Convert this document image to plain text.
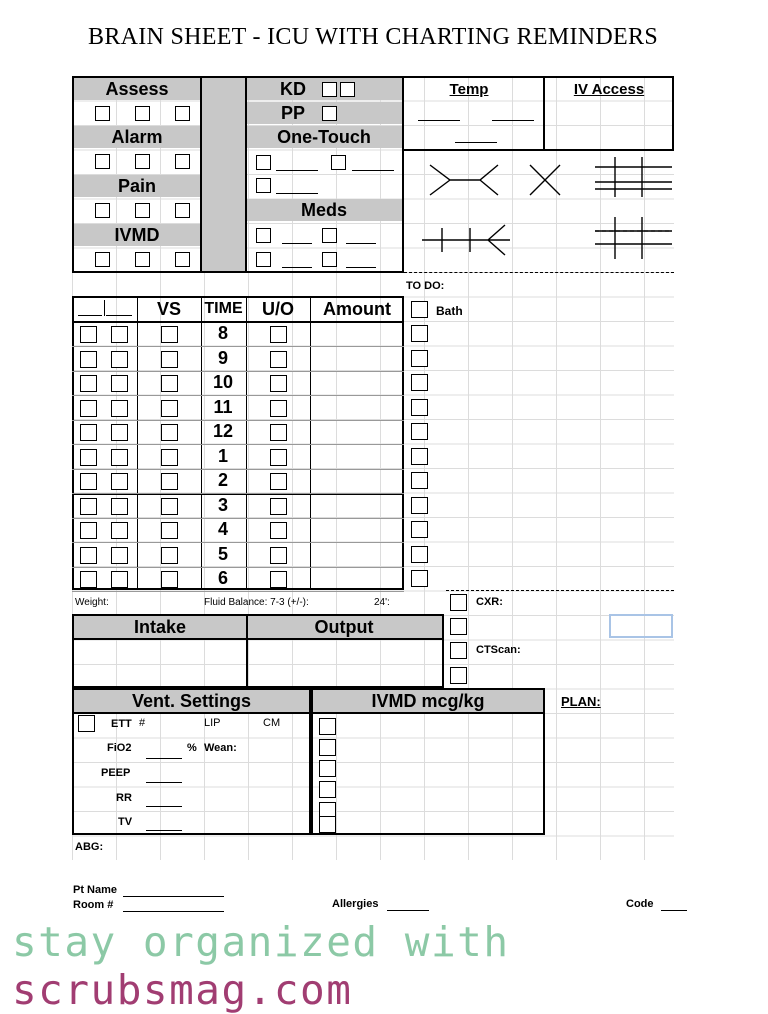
BRAIN SHEET - ICU WITH CHARTING REMINDERS
Assess
Alarm
Pain
IVMD
KD
PP
One-Touch
Meds
Temp	IV Access
TO DO:
Bath
VS	TIME	U/O	Amount
8
9
10
11
12
1
2
3
4
5
6
Weight:	Fluid Balance: 7-3 (+/-):	24':
Intake	Output
CXR:
CTScan:
Vent. Settings
ETT #	LIP	CM
FiO2	% Wean:
PEEP
RR
TV
IVMD mcg/kg	PLAN:
ABG:
Pt Name
Room #	Allergies	Code
stay organized with scrubsmag.com
